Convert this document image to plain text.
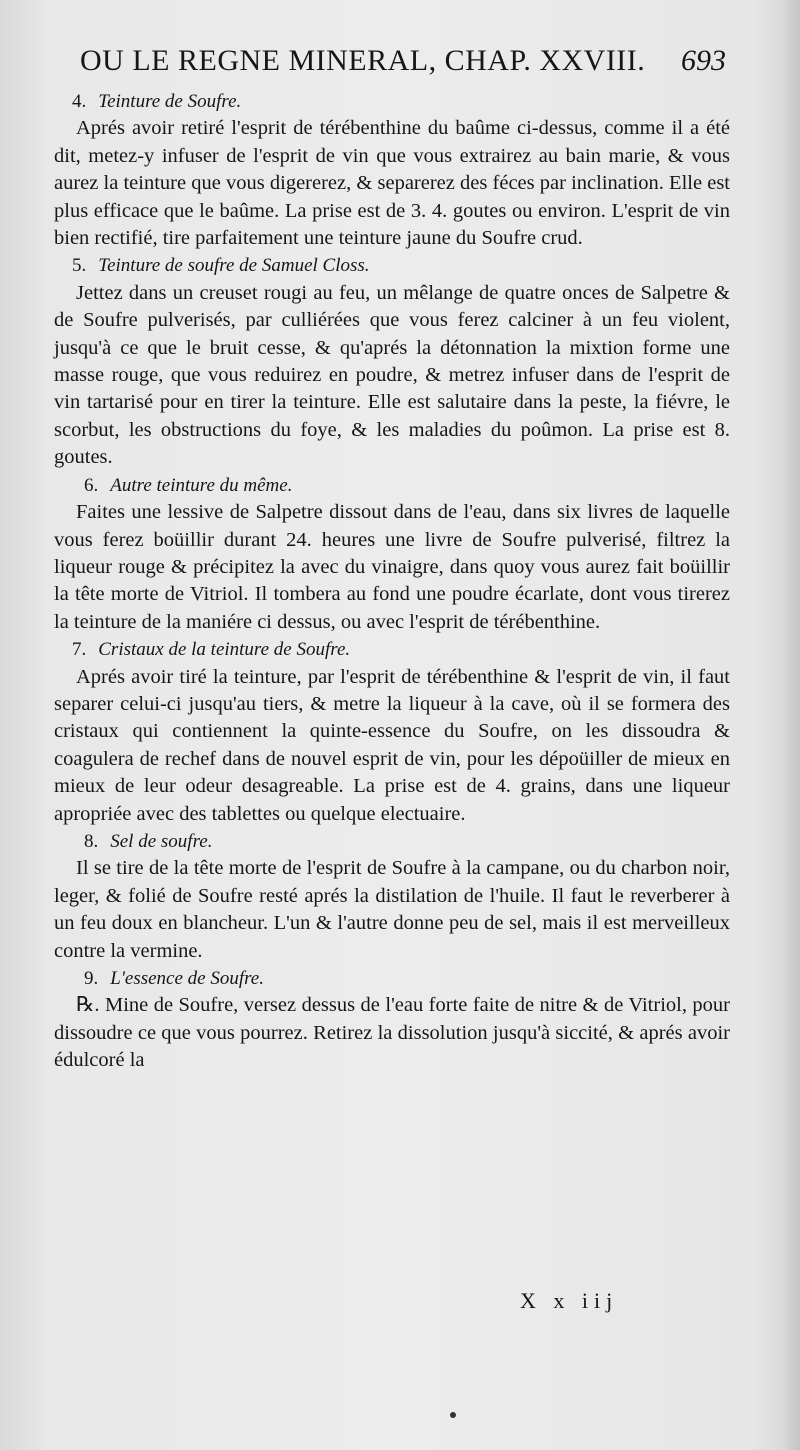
OU LE REGNE MINERAL, CHAP. XXVIII. 693
4. Teinture de Soufre.

Aprés avoir retiré l'esprit de térébenthine du baûme ci-dessus, comme il a été dit, metez-y infuser de l'esprit de vin que vous extrairez au bain marie, & vous aurez la teinture que vous digererez, & separerez des féces par inclination. Elle est plus efficace que le baûme. La prise est de 3. 4. goutes ou environ. L'esprit de vin bien rectifié, tire parfaitement une teinture jaune du Soufre crud.

5. Teinture de soufre de Samuel Closs.

Jettez dans un creuset rougi au feu, un mêlange de quatre onces de Salpetre & de Soufre pulverisés, par culliérées que vous ferez calciner à un feu violent, jusqu'à ce que le bruit cesse, & qu'aprés la détonnation la mixtion forme une masse rouge, que vous reduirez en poudre, & metrez infuser dans de l'esprit de vin tartarisé pour en tirer la teinture. Elle est salutaire dans la peste, la fiévre, le scorbut, les obstructions du foye, & les maladies du poûmon. La prise est 8. goutes.

6. Autre teinture du même.

Faites une lessive de Salpetre dissout dans de l'eau, dans six livres de laquelle vous ferez boüillir durant 24. heures une livre de Soufre pulverisé, filtrez la liqueur rouge & précipitez la avec du vinaigre, dans quoy vous aurez fait boüillir la tête morte de Vitriol. Il tombera au fond une poudre écarlate, dont vous tirerez la teinture de la maniére ci dessus, ou avec l'esprit de térébenthine.

7. Cristaux de la teinture de Soufre.

Aprés avoir tiré la teinture, par l'esprit de térébenthine & l'esprit de vin, il faut separer celui-ci jusqu'au tiers, & metre la liqueur à la cave, où il se formera des cristaux qui contiennent la quinte-essence du Soufre, on les dissoudra & coagulera de rechef dans de nouvel esprit de vin, pour les dépoüiller de mieux en mieux de leur odeur desagreable. La prise est de 4. grains, dans une liqueur apropriée avec des tablettes ou quelque electuaire.

8. Sel de soufre.

Il se tire de la tête morte de l'esprit de Soufre à la campane, ou du charbon noir, leger, & folié de Soufre resté aprés la distilation de l'huile. Il faut le reverberer à un feu doux en blancheur. L'un & l'autre donne peu de sel, mais il est merveilleux contre la vermine.

9. L'essence de Soufre.

℞. Mine de Soufre, versez dessus de l'eau forte faite de nitre & de Vitriol, pour dissoudre ce que vous pourrez. Retirez la dissolution jusqu'à siccité, & aprés avoir édulcoré la

X x iij
